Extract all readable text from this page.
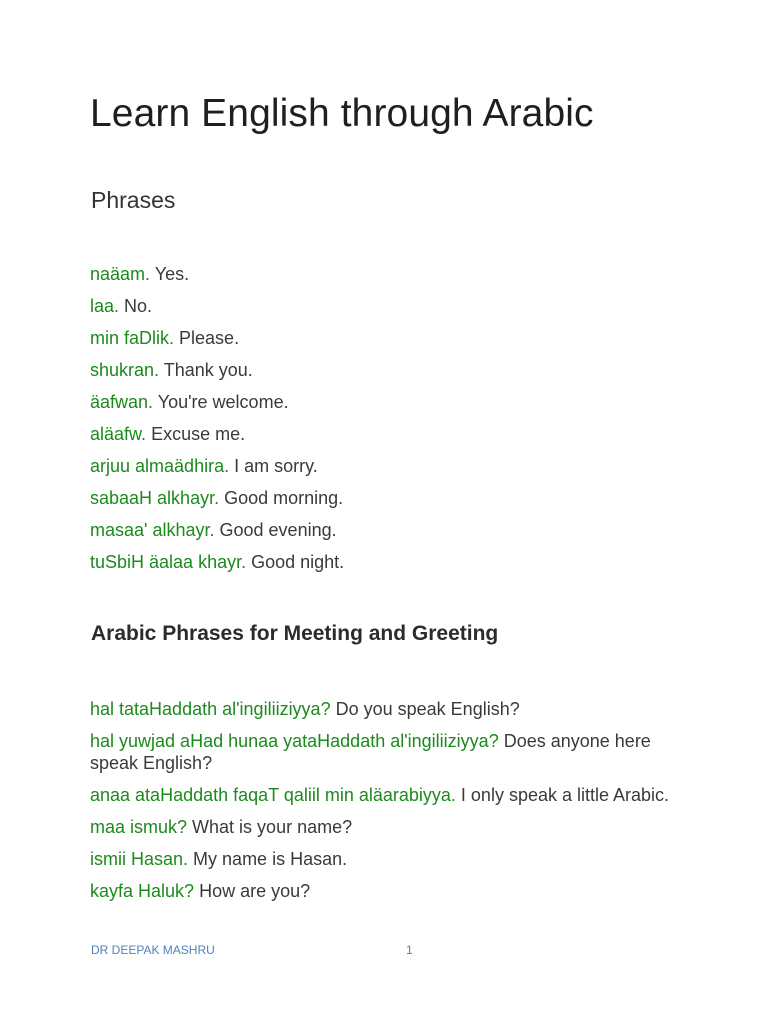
Learn English through Arabic
Phrases
naäam. Yes.
laa. No.
min faDlik. Please.
shukran. Thank you.
äafwan. You're welcome.
aläafw. Excuse me.
arjuu almaädhira. I am sorry.
sabaaH alkhayr. Good morning.
masaa' alkhayr. Good evening.
tuSbiH äalaa khayr. Good night.
Arabic Phrases for Meeting and Greeting
hal tataHaddath al'ingiliiziyya? Do you speak English?
hal yuwjad aHad hunaa yataHaddath al'ingiliiziyya? Does anyone here speak English?
anaa ataHaddath faqaT qaliil min aläarabiyya. I only speak a little Arabic.
maa ismuk? What is your name?
ismii Hasan. My name is Hasan.
kayfa Haluk? How are you?
DR DEEPAK MASHRU	1
